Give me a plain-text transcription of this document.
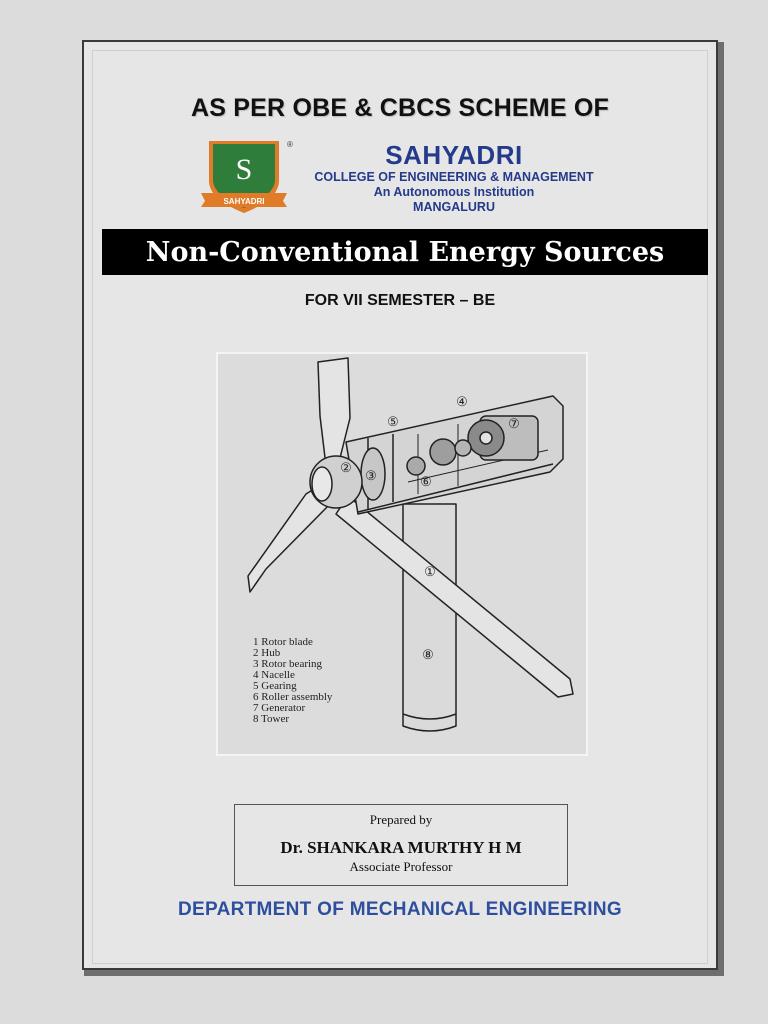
AS PER OBE & CBCS SCHEME OF
S
SAHYADRI
®	SAHYADRI
COLLEGE OF ENGINEERING & MANAGEMENT
An Autonomous Institution
MANGALURU
Non-Conventional Energy Sources
FOR VII SEMESTER – BE
①
②
③
④
⑤
⑥
⑦
⑧
1 Rotor blade
2 Hub
3 Rotor bearing
4 Nacelle
5 Gearing
6 Roller assembly
7 Generator
8 Tower
Prepared by
Dr. SHANKARA MURTHY H M
Associate Professor
DEPARTMENT OF MECHANICAL ENGINEERING
